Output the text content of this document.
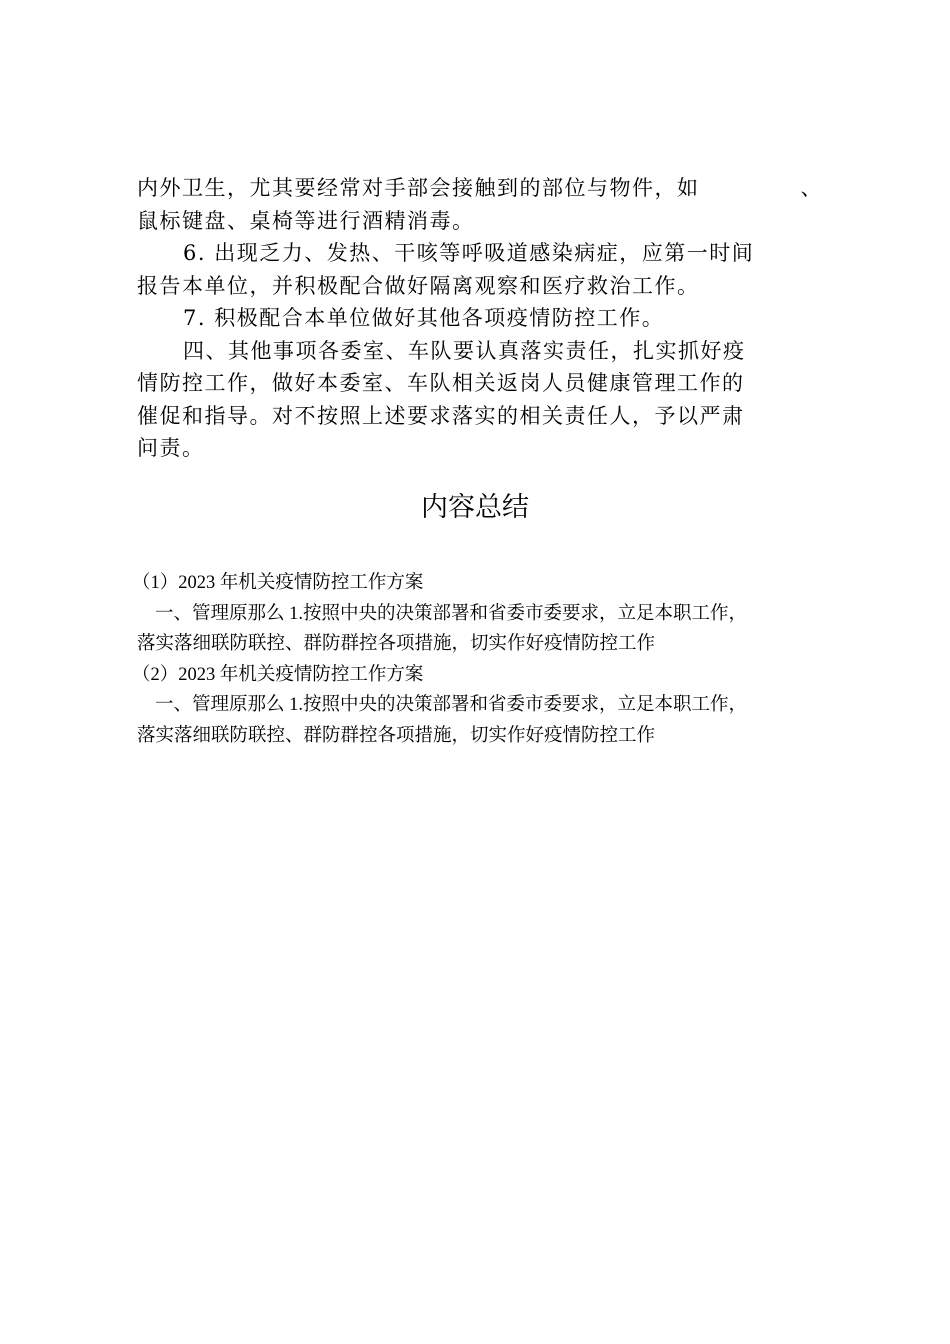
内外卫生，尤其要经常对手部会接触到的部位与物件，如	、
鼠标键盘、桌椅等进行酒精消毒。
6. 出现乏力、发热、干咳等呼吸道感染病症，应第一时间
报告本单位，并积极配合做好隔离观察和医疗救治工作。
7. 积极配合本单位做好其他各项疫情防控工作。
四、其他事项各委室、车队要认真落实责任，扎实抓好疫
情防控工作，做好本委室、车队相关返岗人员健康管理工作的
催促和指导。对不按照上述要求落实的相关责任人，予以严肃
问责。
内容总结
（1）2023 年机关疫情防控工作方案
一、管理原那么 1.按照中央的决策部署和省委市委要求，立足本职工作，
落实落细联防联控、群防群控各项措施，切实作好疫情防控工作
（2）2023 年机关疫情防控工作方案
一、管理原那么 1.按照中央的决策部署和省委市委要求，立足本职工作，
落实落细联防联控、群防群控各项措施，切实作好疫情防控工作
